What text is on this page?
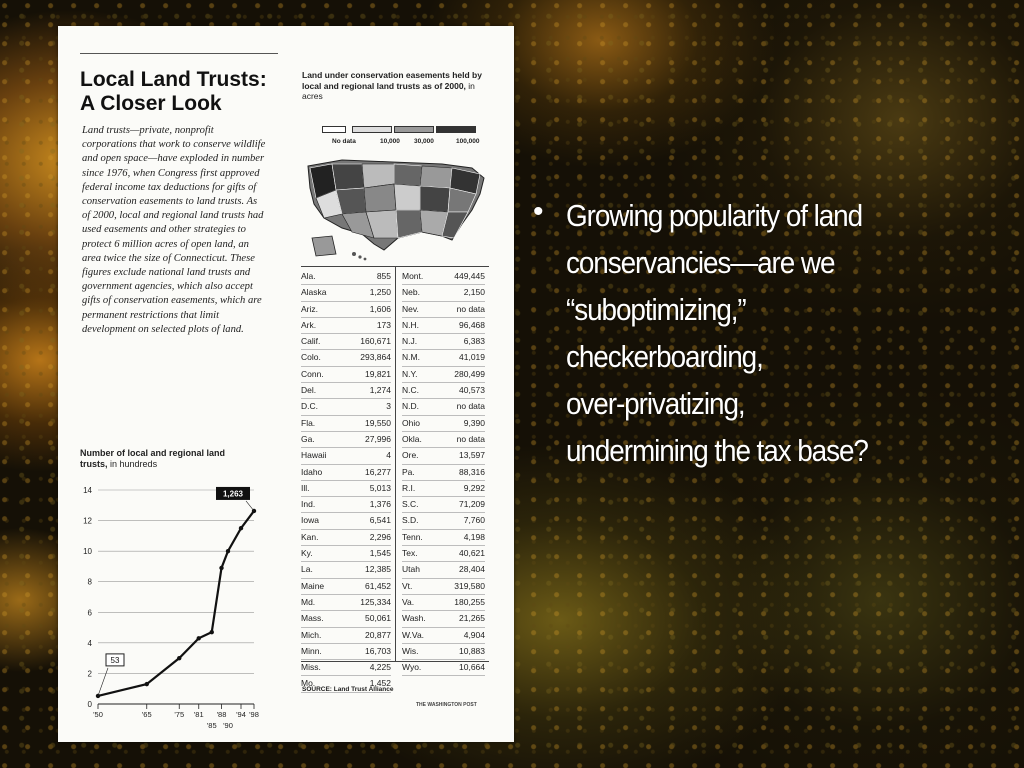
Local Land Trusts:
A Closer Look
Land trusts—private, nonprofit corporations that work to conserve wildlife and open space—have exploded in number since 1976, when Congress first approved federal income tax deductions for gifts of conservation easements to land trusts. As of 2000, local and regional land trusts had used easements and other strategies to protect 6 million acres of open land, an area twice the size of Connecticut. These figures exclude national land trusts and government agencies, which also accept gifts of conservation easements, which are permanent restrictions that limit development on selected plots of land.
Number of local and regional land trusts, in hundreds
0
2
4
6
8
10
12
14
'50	'65	'75 '81 '88 '94 '98
'85 '90
53
1,263
Land under conservation easements held by local and regional land trusts as of 2000, in acres
No data	10,000 30,000	100,000
Ala.	855
Alaska	1,250
Ariz.	1,606
Ark.	173
Calif.	160,671
Colo.	293,864
Conn.	19,821
Del.	1,274
D.C.	3
Fla.	19,550
Ga.	27,996
Hawaii	4
Idaho	16,277
Ill.	5,013
Ind.	1,376
Iowa	6,541
Kan.	2,296
Ky.	1,545
La.	12,385
Maine	61,452
Md.	125,334
Mass.	50,061
Mich.	20,877
Minn.	16,703
Miss.	4,225
Mo.	1,452
Mont.	449,445
Neb.	2,150
Nev.	no data
N.H.	96,468
N.J.	6,383
N.M.	41,019
N.Y.	280,499
N.C.	40,573
N.D.	no data
Ohio	9,390
Okla.	no data
Ore.	13,597
Pa.	88,316
R.I.	9,292
S.C.	71,209
S.D.	7,760
Tenn.	4,198
Tex.	40,621
Utah	28,404
Vt.	319,580
Va.	180,255
Wash.	21,265
W.Va.	4,904
Wis.	10,883
Wyo.	10,664
SOURCE: Land Trust Alliance
THE WASHINGTON POST
• Growing popularity of land
conservancies—are we
“suboptimizing,”
checkerboarding,
over-privatizing,
undermining the tax base?
